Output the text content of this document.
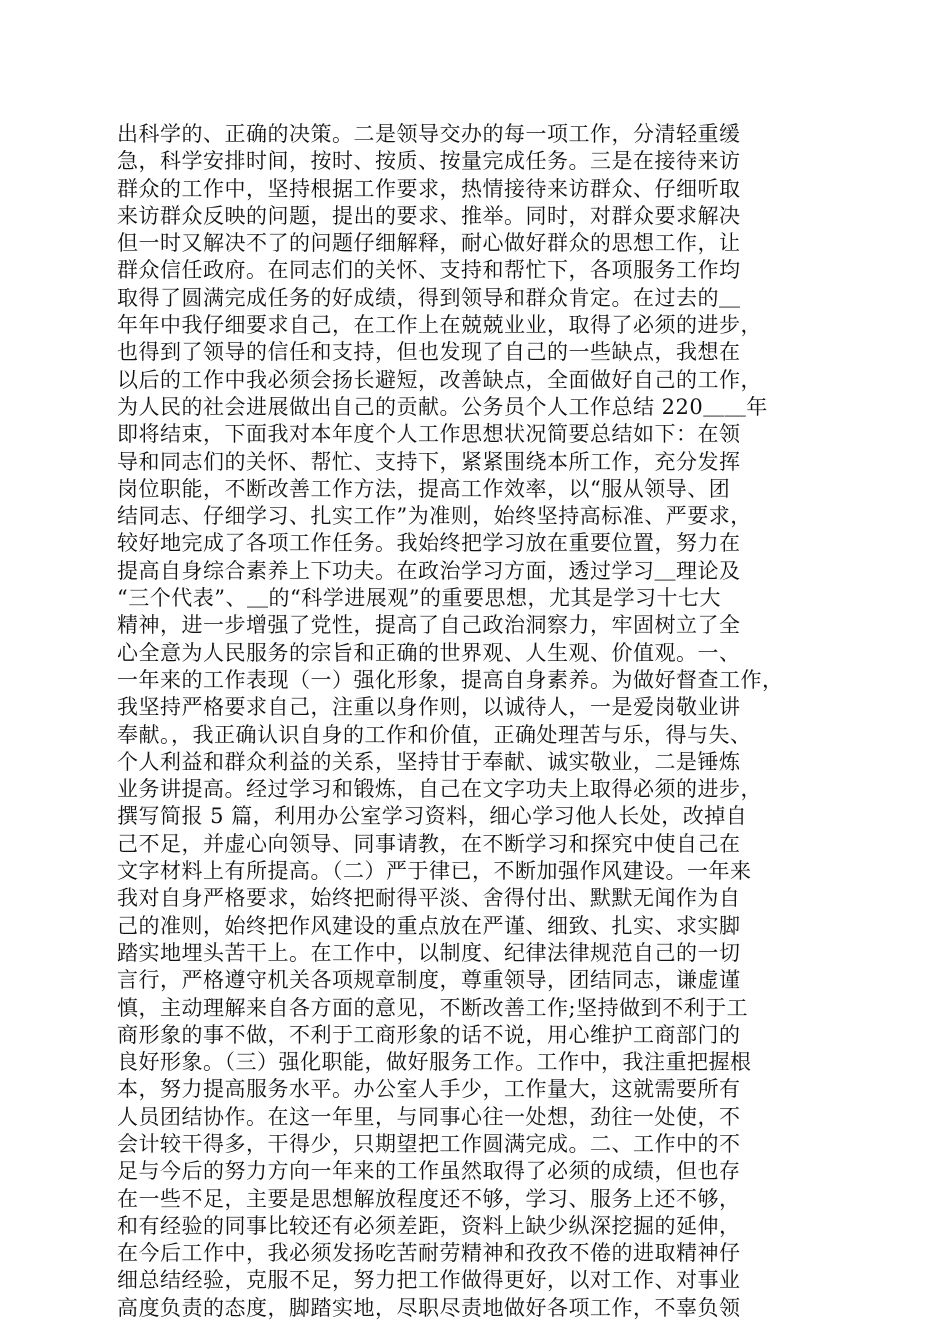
出科学的、正确的决策。二是领导交办的每一项工作，分清轻重缓
急，科学安排时间，按时、按质、按量完成任务。三是在接待来访
群众的工作中，坚持根据工作要求，热情接待来访群众、仔细听取
来访群众反映的问题，提出的要求、推举。同时，对群众要求解决
但一时又解决不了的问题仔细解释，耐心做好群众的思想工作，让
群众信任政府。在同志们的关怀、支持和帮忙下，各项服务工作均
取得了圆满完成任务的好成绩，得到领导和群众肯定。在过去的＿
年年中我仔细要求自己，在工作上在兢兢业业，取得了必须的进步，
也得到了领导的信任和支持，但也发现了自己的一些缺点，我想在
以后的工作中我必须会扬长避短，改善缺点，全面做好自己的工作，
为人民的社会进展做出自己的贡献。公务员个人工作总结 220＿＿年
即将结束，下面我对本年度个人工作思想状况简要总结如下：在领
导和同志们的关怀、帮忙、支持下，紧紧围绕本所工作，充分发挥
岗位职能，不断改善工作方法，提高工作效率，以“服从领导、团
结同志、仔细学习、扎实工作”为准则，始终坚持高标准、严要求，
较好地完成了各项工作任务。我始终把学习放在重要位置，努力在
提高自身综合素养上下功夫。在政治学习方面，透过学习＿理论及
“三个代表”、＿的“科学进展观”的重要思想，尤其是学习十七大
精神，进一步增强了党性，提高了自己政治洞察力，牢固树立了全
心全意为人民服务的宗旨和正确的世界观、人生观、价值观。一、
一年来的工作表现（一）强化形象，提高自身素养。为做好督查工作，
我坚持严格要求自己，注重以身作则，以诚待人，一是爱岗敬业讲
奉献。，我正确认识自身的工作和价值，正确处理苦与乐，得与失、
个人利益和群众利益的关系，坚持甘于奉献、诚实敬业，二是锤炼
业务讲提高。经过学习和锻炼，自己在文字功夫上取得必须的进步，
撰写简报 5 篇，利用办公室学习资料，细心学习他人长处，改掉自
己不足，并虚心向领导、同事请教，在不断学习和探究中使自己在
文字材料上有所提高。（二）严于律已，不断加强作风建设。一年来
我对自身严格要求，始终把耐得平淡、舍得付出、默默无闻作为自
己的准则，始终把作风建设的重点放在严谨、细致、扎实、求实脚
踏实地埋头苦干上。在工作中，以制度、纪律法律规范自己的一切
言行，严格遵守机关各项规章制度，尊重领导，团结同志，谦虚谨
慎，主动理解来自各方面的意见，不断改善工作;坚持做到不利于工
商形象的事不做，不利于工商形象的话不说，用心维护工商部门的
良好形象。（三）强化职能，做好服务工作。工作中，我注重把握根
本，努力提高服务水平。办公室人手少，工作量大，这就需要所有
人员团结协作。在这一年里，与同事心往一处想，劲往一处使，不
会计较干得多，干得少，只期望把工作圆满完成。二、工作中的不
足与今后的努力方向一年来的工作虽然取得了必须的成绩，但也存
在一些不足，主要是思想解放程度还不够，学习、服务上还不够，
和有经验的同事比较还有必须差距，资料上缺少纵深挖掘的延伸，
在今后工作中，我必须发扬吃苦耐劳精神和孜孜不倦的进取精神仔
细总结经验，克服不足，努力把工作做得更好，以对工作、对事业
高度负责的态度，脚踏实地，尽职尽责地做好各项工作，不辜负领
